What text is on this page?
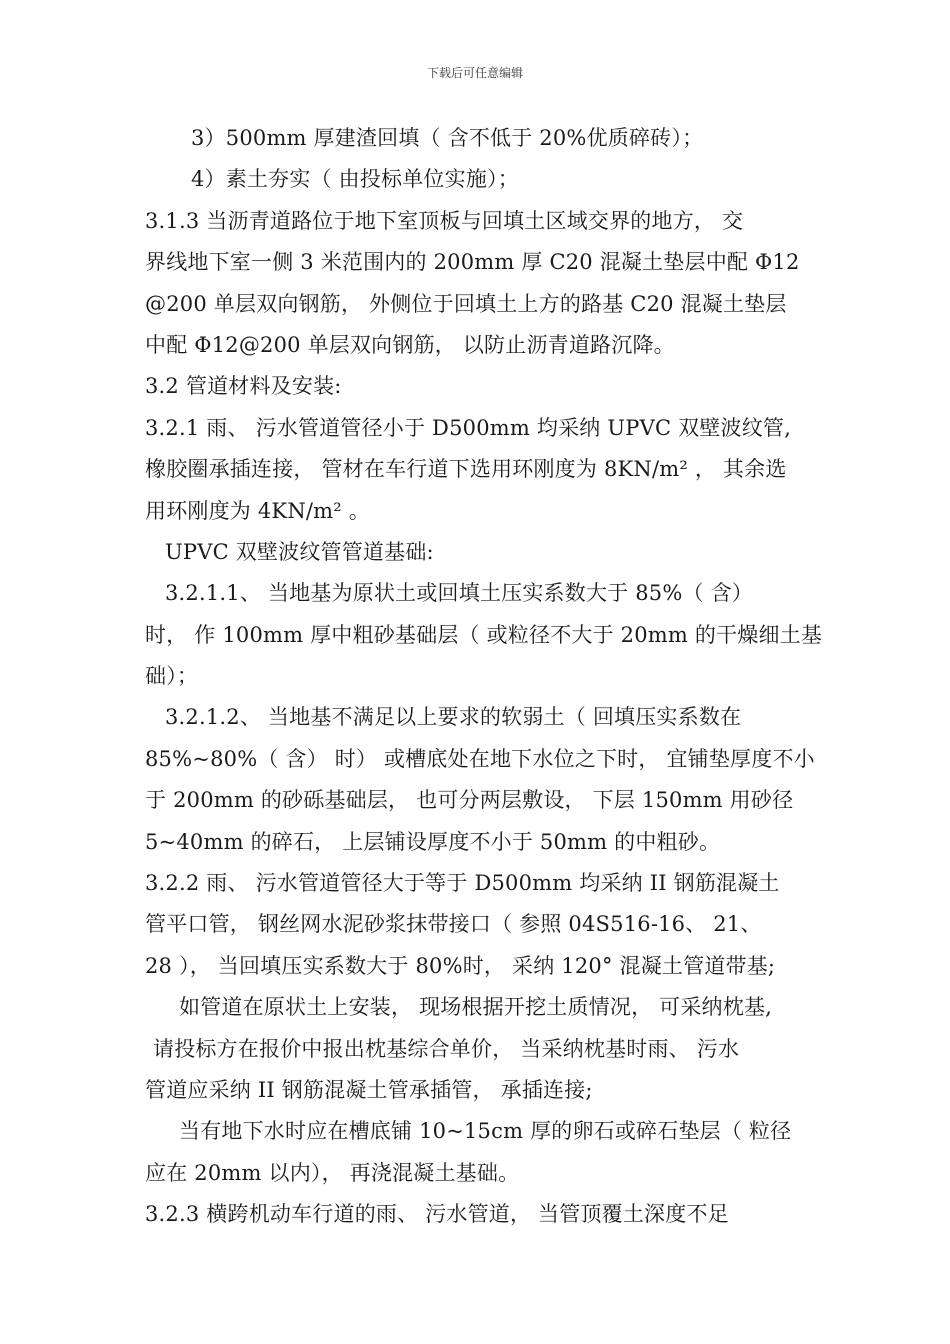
下载后可任意编辑
3）500mm 厚建渣回填（ 含不低于 20%优质碎砖）；
4）素土夯实（ 由投标单位实施）；
3.1.3 当沥青道路位于地下室顶板与回填土区域交界的地方， 交
界线地下室一侧 3 米范围内的 200mm 厚 C20 混凝土垫层中配 Φ12
@200 单层双向钢筋， 外侧位于回填土上方的路基 C20 混凝土垫层
中配 Φ12@200 单层双向钢筋， 以防止沥青道路沉降。
3.2 管道材料及安装:
3.2.1 雨、 污水管道管径小于 D500mm 均采纳 UPVC 双壁波纹管,
橡胶圈承插连接， 管材在车行道下选用环刚度为 8KN/m² ， 其余选
用环刚度为 4KN/m² 。
UPVC 双壁波纹管管道基础:
3.2.1.1、 当地基为原状土或回填土压实系数大于 85%（ 含）
时， 作 100mm 厚中粗砂基础层（ 或粒径不大于 20mm 的干燥细土基
础）；
3.2.1.2、 当地基不满足以上要求的软弱土（ 回填压实系数在
85%~80%（ 含） 时） 或槽底处在地下水位之下时， 宜铺垫厚度不小
于 200mm 的砂砾基础层， 也可分两层敷设， 下层 150mm 用砂径
5~40mm 的碎石， 上层铺设厚度不小于 50mm 的中粗砂。
3.2.2 雨、 污水管道管径大于等于 D500mm 均采纳 II 钢筋混凝土
管平口管， 钢丝网水泥砂浆抹带接口（ 参照 04S516-16、 21、
28 ）， 当回填压实系数大于 80%时， 采纳 120° 混凝土管道带基;
如管道在原状土上安装， 现场根据开挖土质情况， 可采纳枕基,
请投标方在报价中报出枕基综合单价， 当采纳枕基时雨、 污水
管道应采纳 II 钢筋混凝土管承插管， 承插连接;
当有地下水时应在槽底铺 10~15cm 厚的卵石或碎石垫层（ 粒径
应在 20mm 以内）， 再浇混凝土基础。
3.2.3 横跨机动车行道的雨、 污水管道， 当管顶覆土深度不足
